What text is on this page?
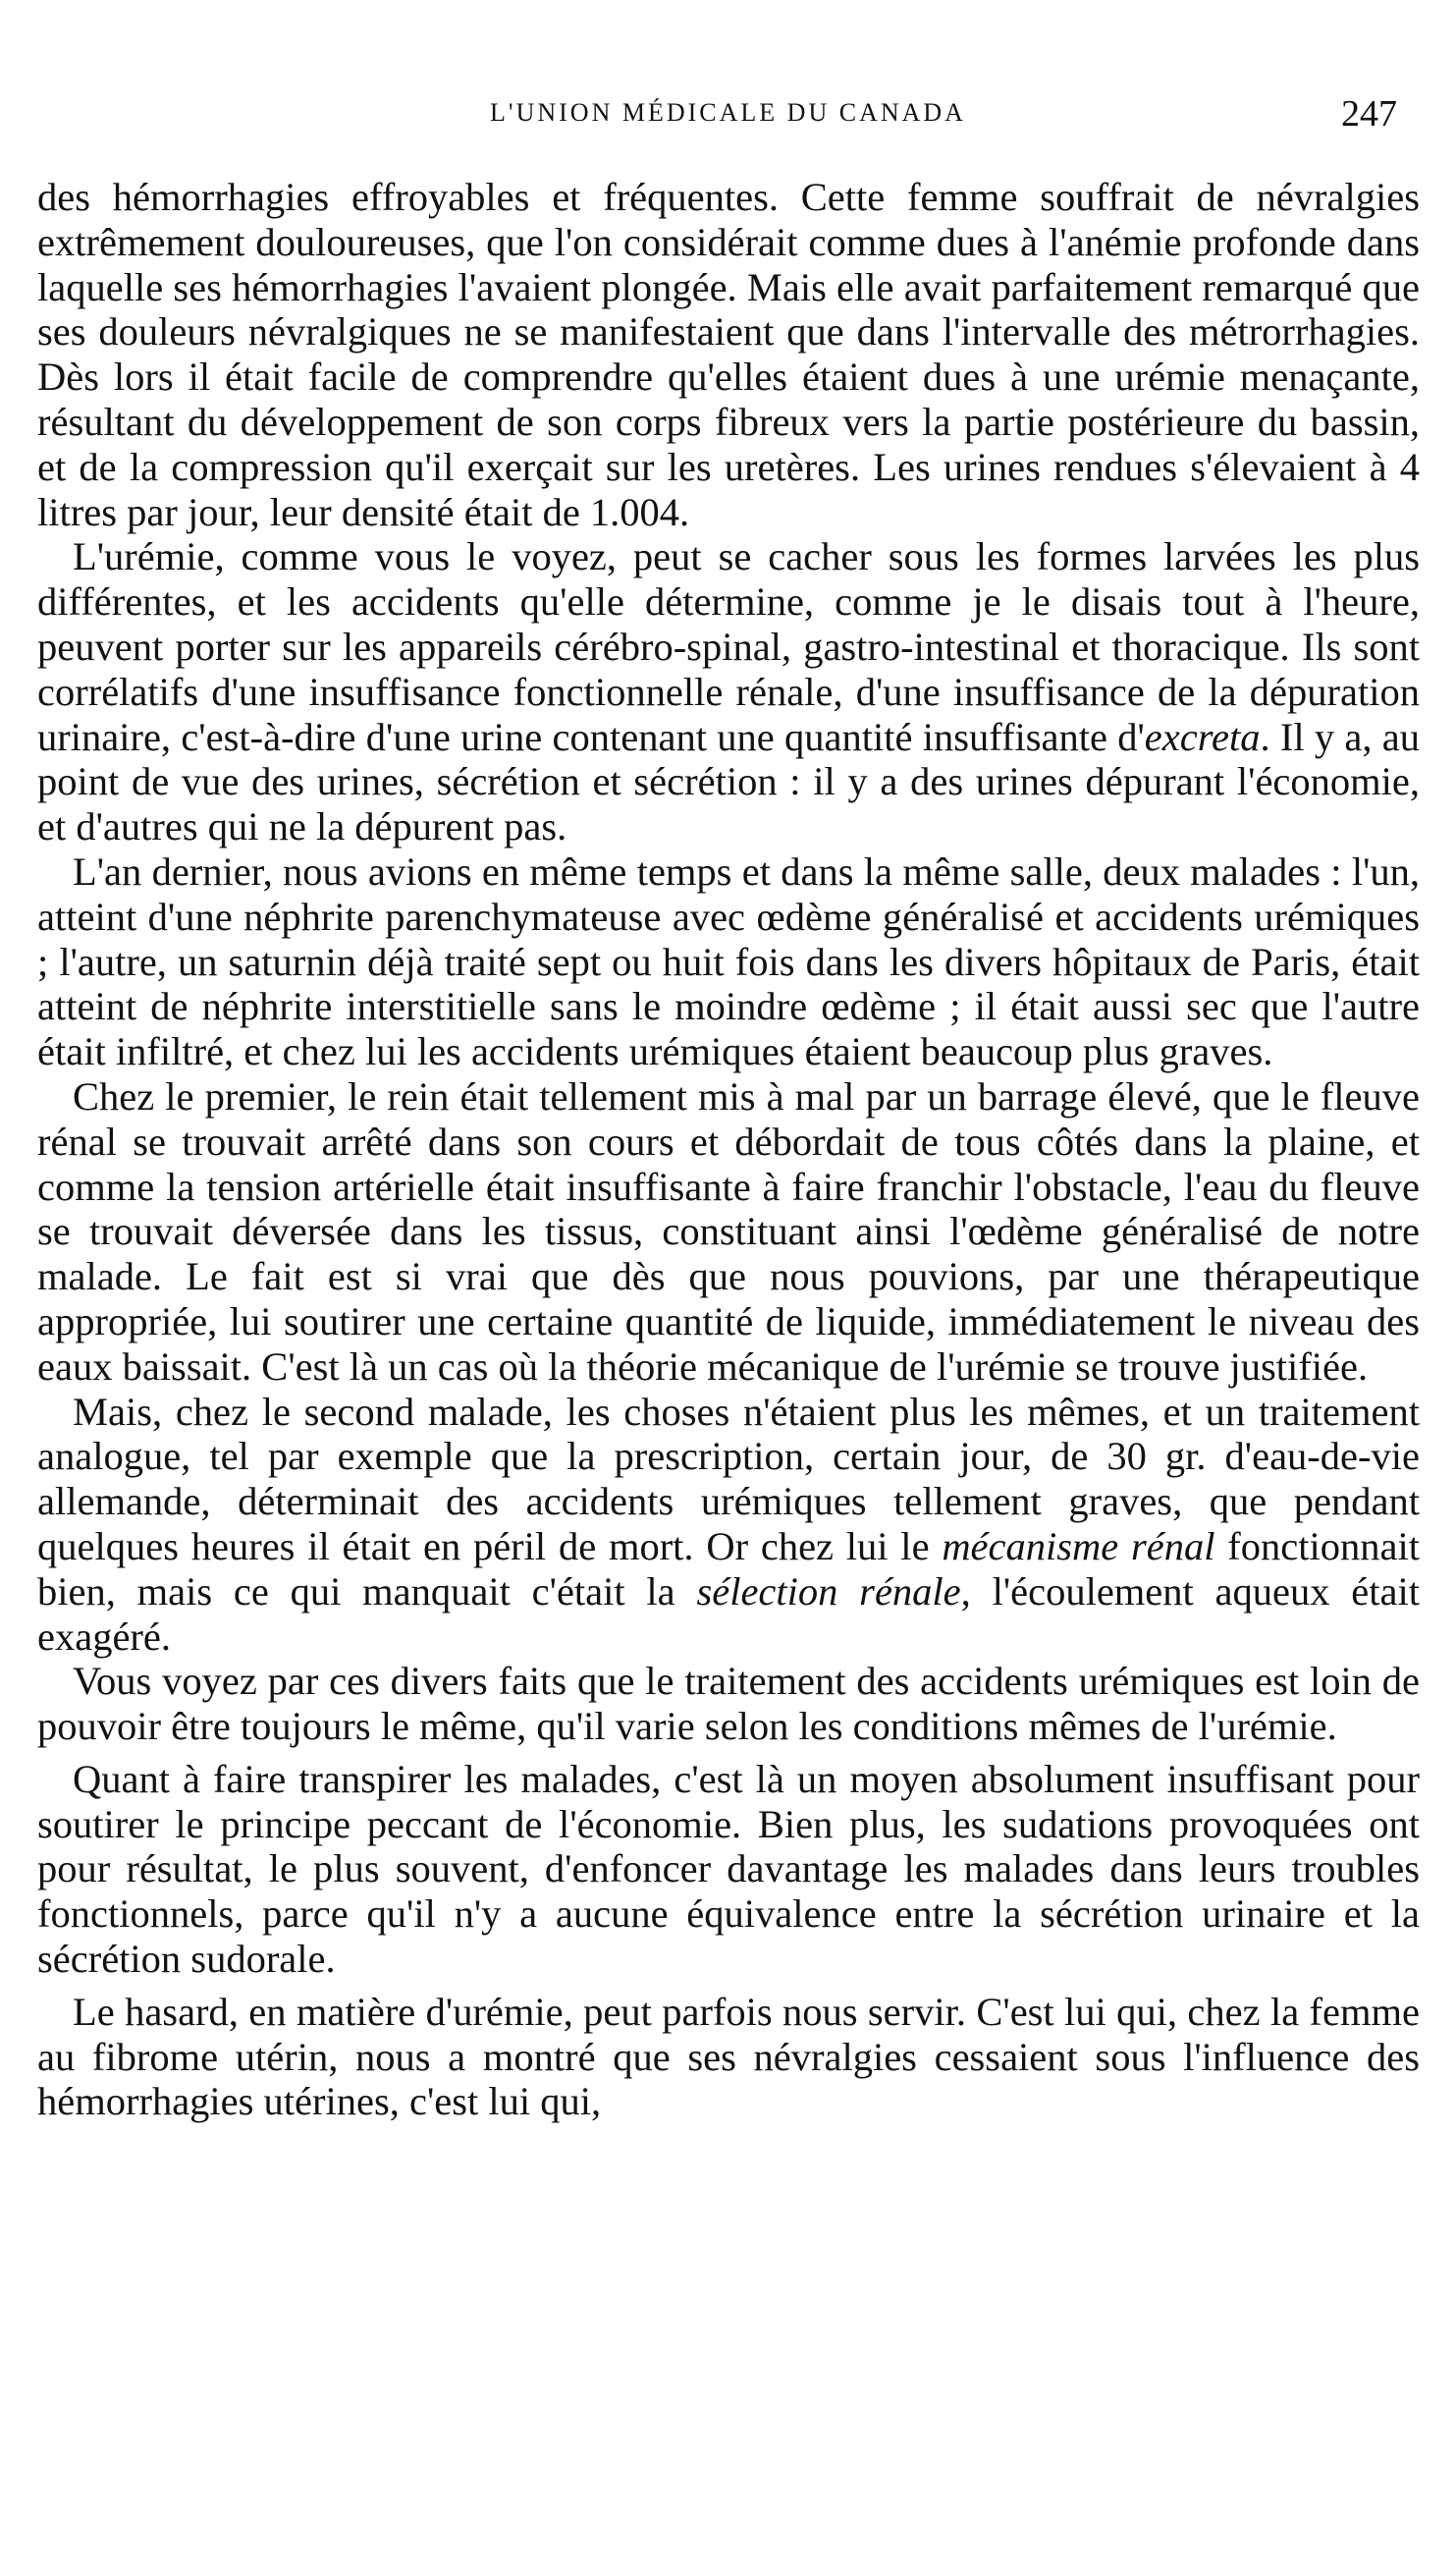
L'UNION MÉDICALE DU CANADA	247

des hémorrhagies effroyables et fréquentes. Cette femme souffrait de névralgies extrêmement douloureuses, que l'on considérait comme dues à l'anémie profonde dans laquelle ses hémorrhagies l'avaient plongée. Mais elle avait parfaitement remarqué que ses douleurs névralgiques ne se manifestaient que dans l'intervalle des métrorrhagies. Dès lors il était facile de comprendre qu'elles étaient dues à une urémie menaçante, résultant du développement de son corps fibreux vers la partie postérieure du bassin, et de la compression qu'il exerçait sur les uretères. Les urines rendues s'élevaient à 4 litres par jour, leur densité était de 1.004.

L'urémie, comme vous le voyez, peut se cacher sous les formes larvées les plus différentes, et les accidents qu'elle détermine, comme je le disais tout à l'heure, peuvent porter sur les appareils cérébro-spinal, gastro-intestinal et thoracique. Ils sont corrélatifs d'une insuffisance fonctionnelle rénale, d'une insuffisance de la dépuration urinaire, c'est-à-dire d'une urine contenant une quantité insuffisante d'excreta. Il y a, au point de vue des urines, sécrétion et sécrétion : il y a des urines dépurant l'économie, et d'autres qui ne la dépurent pas.

L'an dernier, nous avions en même temps et dans la même salle, deux malades : l'un, atteint d'une néphrite parenchymateuse avec œdème généralisé et accidents urémiques ; l'autre, un saturnin déjà traité sept ou huit fois dans les divers hôpitaux de Paris, était atteint de néphrite interstitielle sans le moindre œdème ; il était aussi sec que l'autre était infiltré, et chez lui les accidents urémiques étaient beaucoup plus graves.

Chez le premier, le rein était tellement mis à mal par un barrage élevé, que le fleuve rénal se trouvait arrêté dans son cours et débordait de tous côtés dans la plaine, et comme la tension artérielle était insuffisante à faire franchir l'obstacle, l'eau du fleuve se trouvait déversée dans les tissus, constituant ainsi l'œdème généralisé de notre malade. Le fait est si vrai que dès que nous pouvions, par une thérapeutique appropriée, lui soutirer une certaine quantité de liquide, immédiatement le niveau des eaux baissait. C'est là un cas où la théorie mécanique de l'urémie se trouve justifiée.

Mais, chez le second malade, les choses n'étaient plus les mêmes, et un traitement analogue, tel par exemple que la prescription, certain jour, de 30 gr. d'eau-de-vie allemande, déterminait des accidents urémiques tellement graves, que pendant quelques heures il était en péril de mort. Or chez lui le mécanisme rénal fonctionnait bien, mais ce qui manquait c'était la sélection rénale, l'écoulement aqueux était exagéré.

Vous voyez par ces divers faits que le traitement des accidents urémiques est loin de pouvoir être toujours le même, qu'il varie selon les conditions mêmes de l'urémie.

Quant à faire transpirer les malades, c'est là un moyen absolument insuffisant pour soutirer le principe peccant de l'économie. Bien plus, les sudations provoquées ont pour résultat, le plus souvent, d'enfoncer davantage les malades dans leurs troubles fonctionnels, parce qu'il n'y a aucune équivalence entre la sécrétion urinaire et la sécrétion sudorale.

Le hasard, en matière d'urémie, peut parfois nous servir. C'est lui qui, chez la femme au fibrome utérin, nous a montré que ses névralgies cessaient sous l'influence des hémorrhagies utérines, c'est lui qui,
